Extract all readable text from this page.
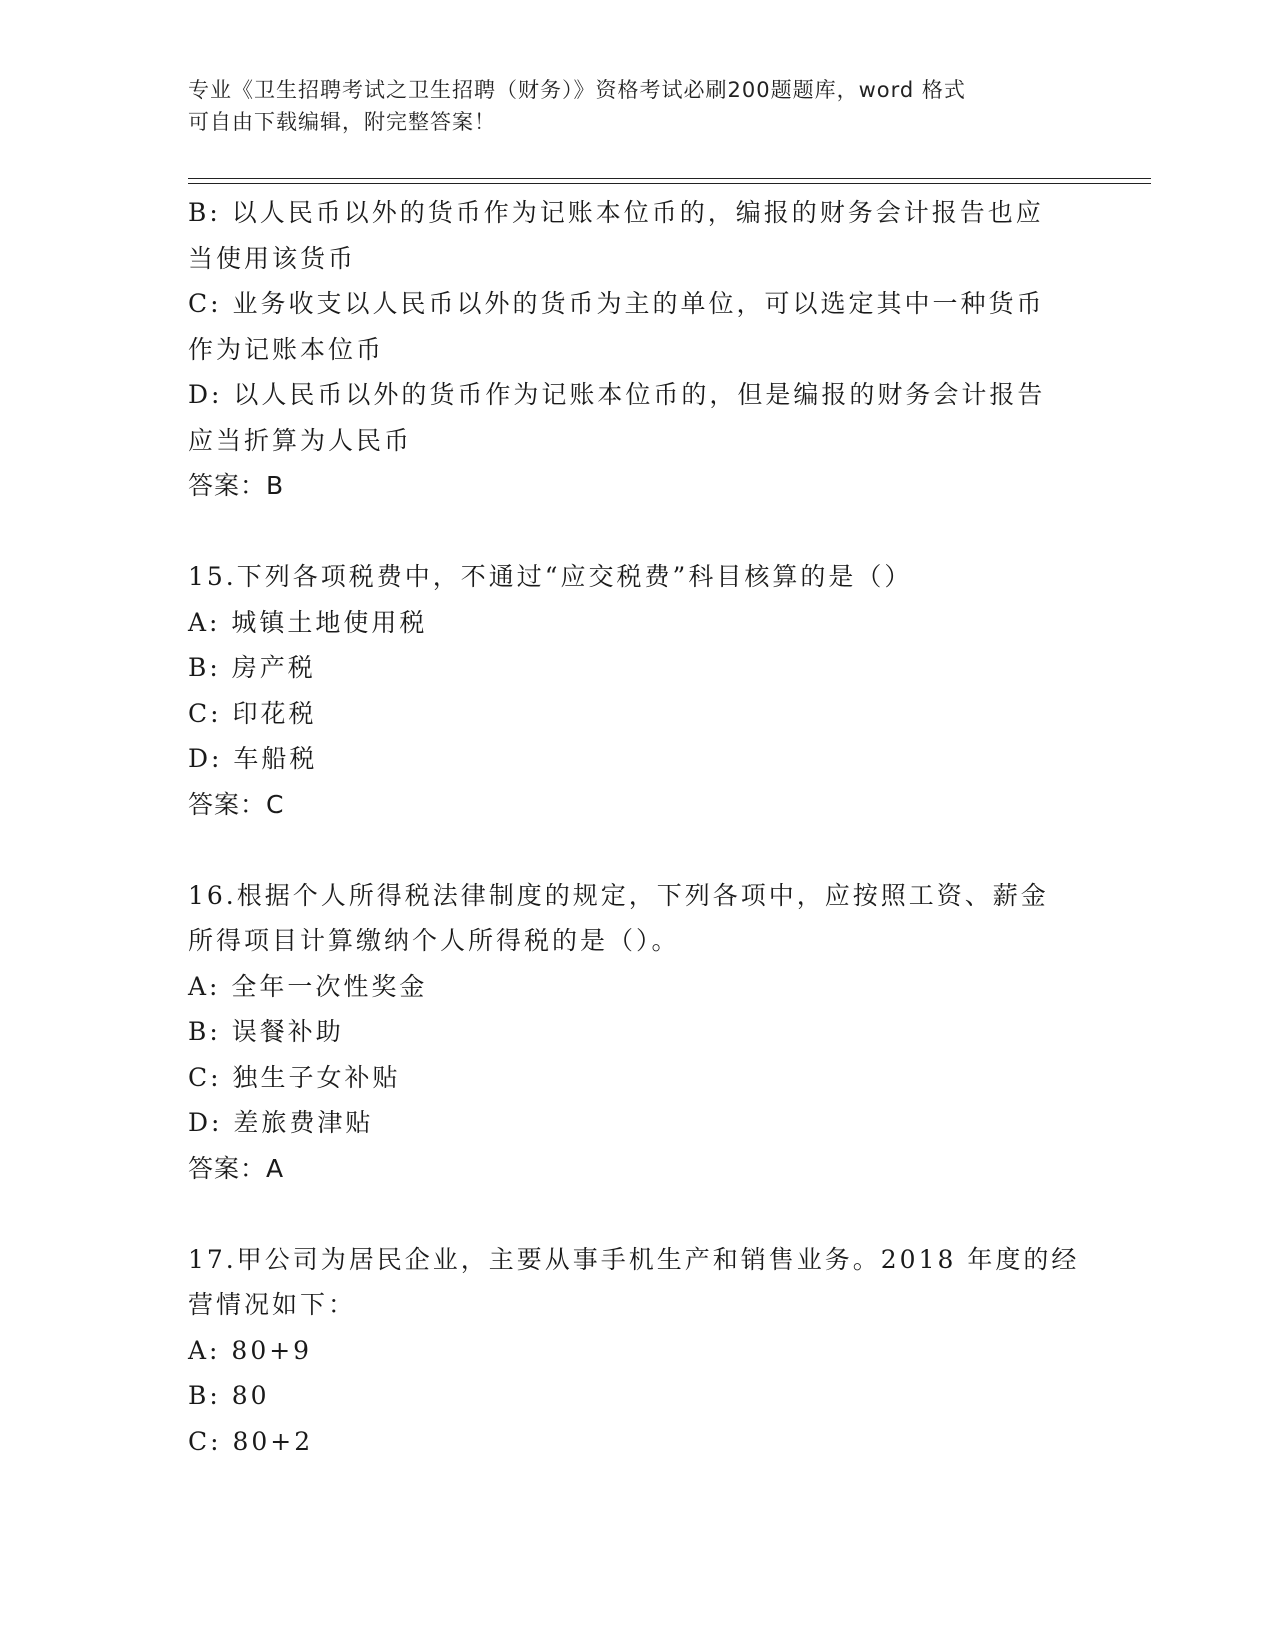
专业《卫生招聘考试之卫生招聘（财务）》资格考试必刷200题题库，word 格式
可自由下载编辑，附完整答案！
B: 以人民币以外的货币作为记账本位币的，编报的财务会计报告也应
当使用该货币
C: 业务收支以人民币以外的货币为主的单位，可以选定其中一种货币
作为记账本位币
D: 以人民币以外的货币作为记账本位币的，但是编报的财务会计报告
应当折算为人民币
答案：B
15.下列各项税费中，不通过“应交税费”科目核算的是（）
A: 城镇土地使用税
B: 房产税
C: 印花税
D: 车船税
答案：C
16.根据个人所得税法律制度的规定，下列各项中，应按照工资、薪金
所得项目计算缴纳个人所得税的是（）。
A: 全年一次性奖金
B: 误餐补助
C: 独生子女补贴
D: 差旅费津贴
答案：A
17.甲公司为居民企业，主要从事手机生产和销售业务。2018 年度的经
营情况如下：
A: 80+9
B: 80
C: 80+2
